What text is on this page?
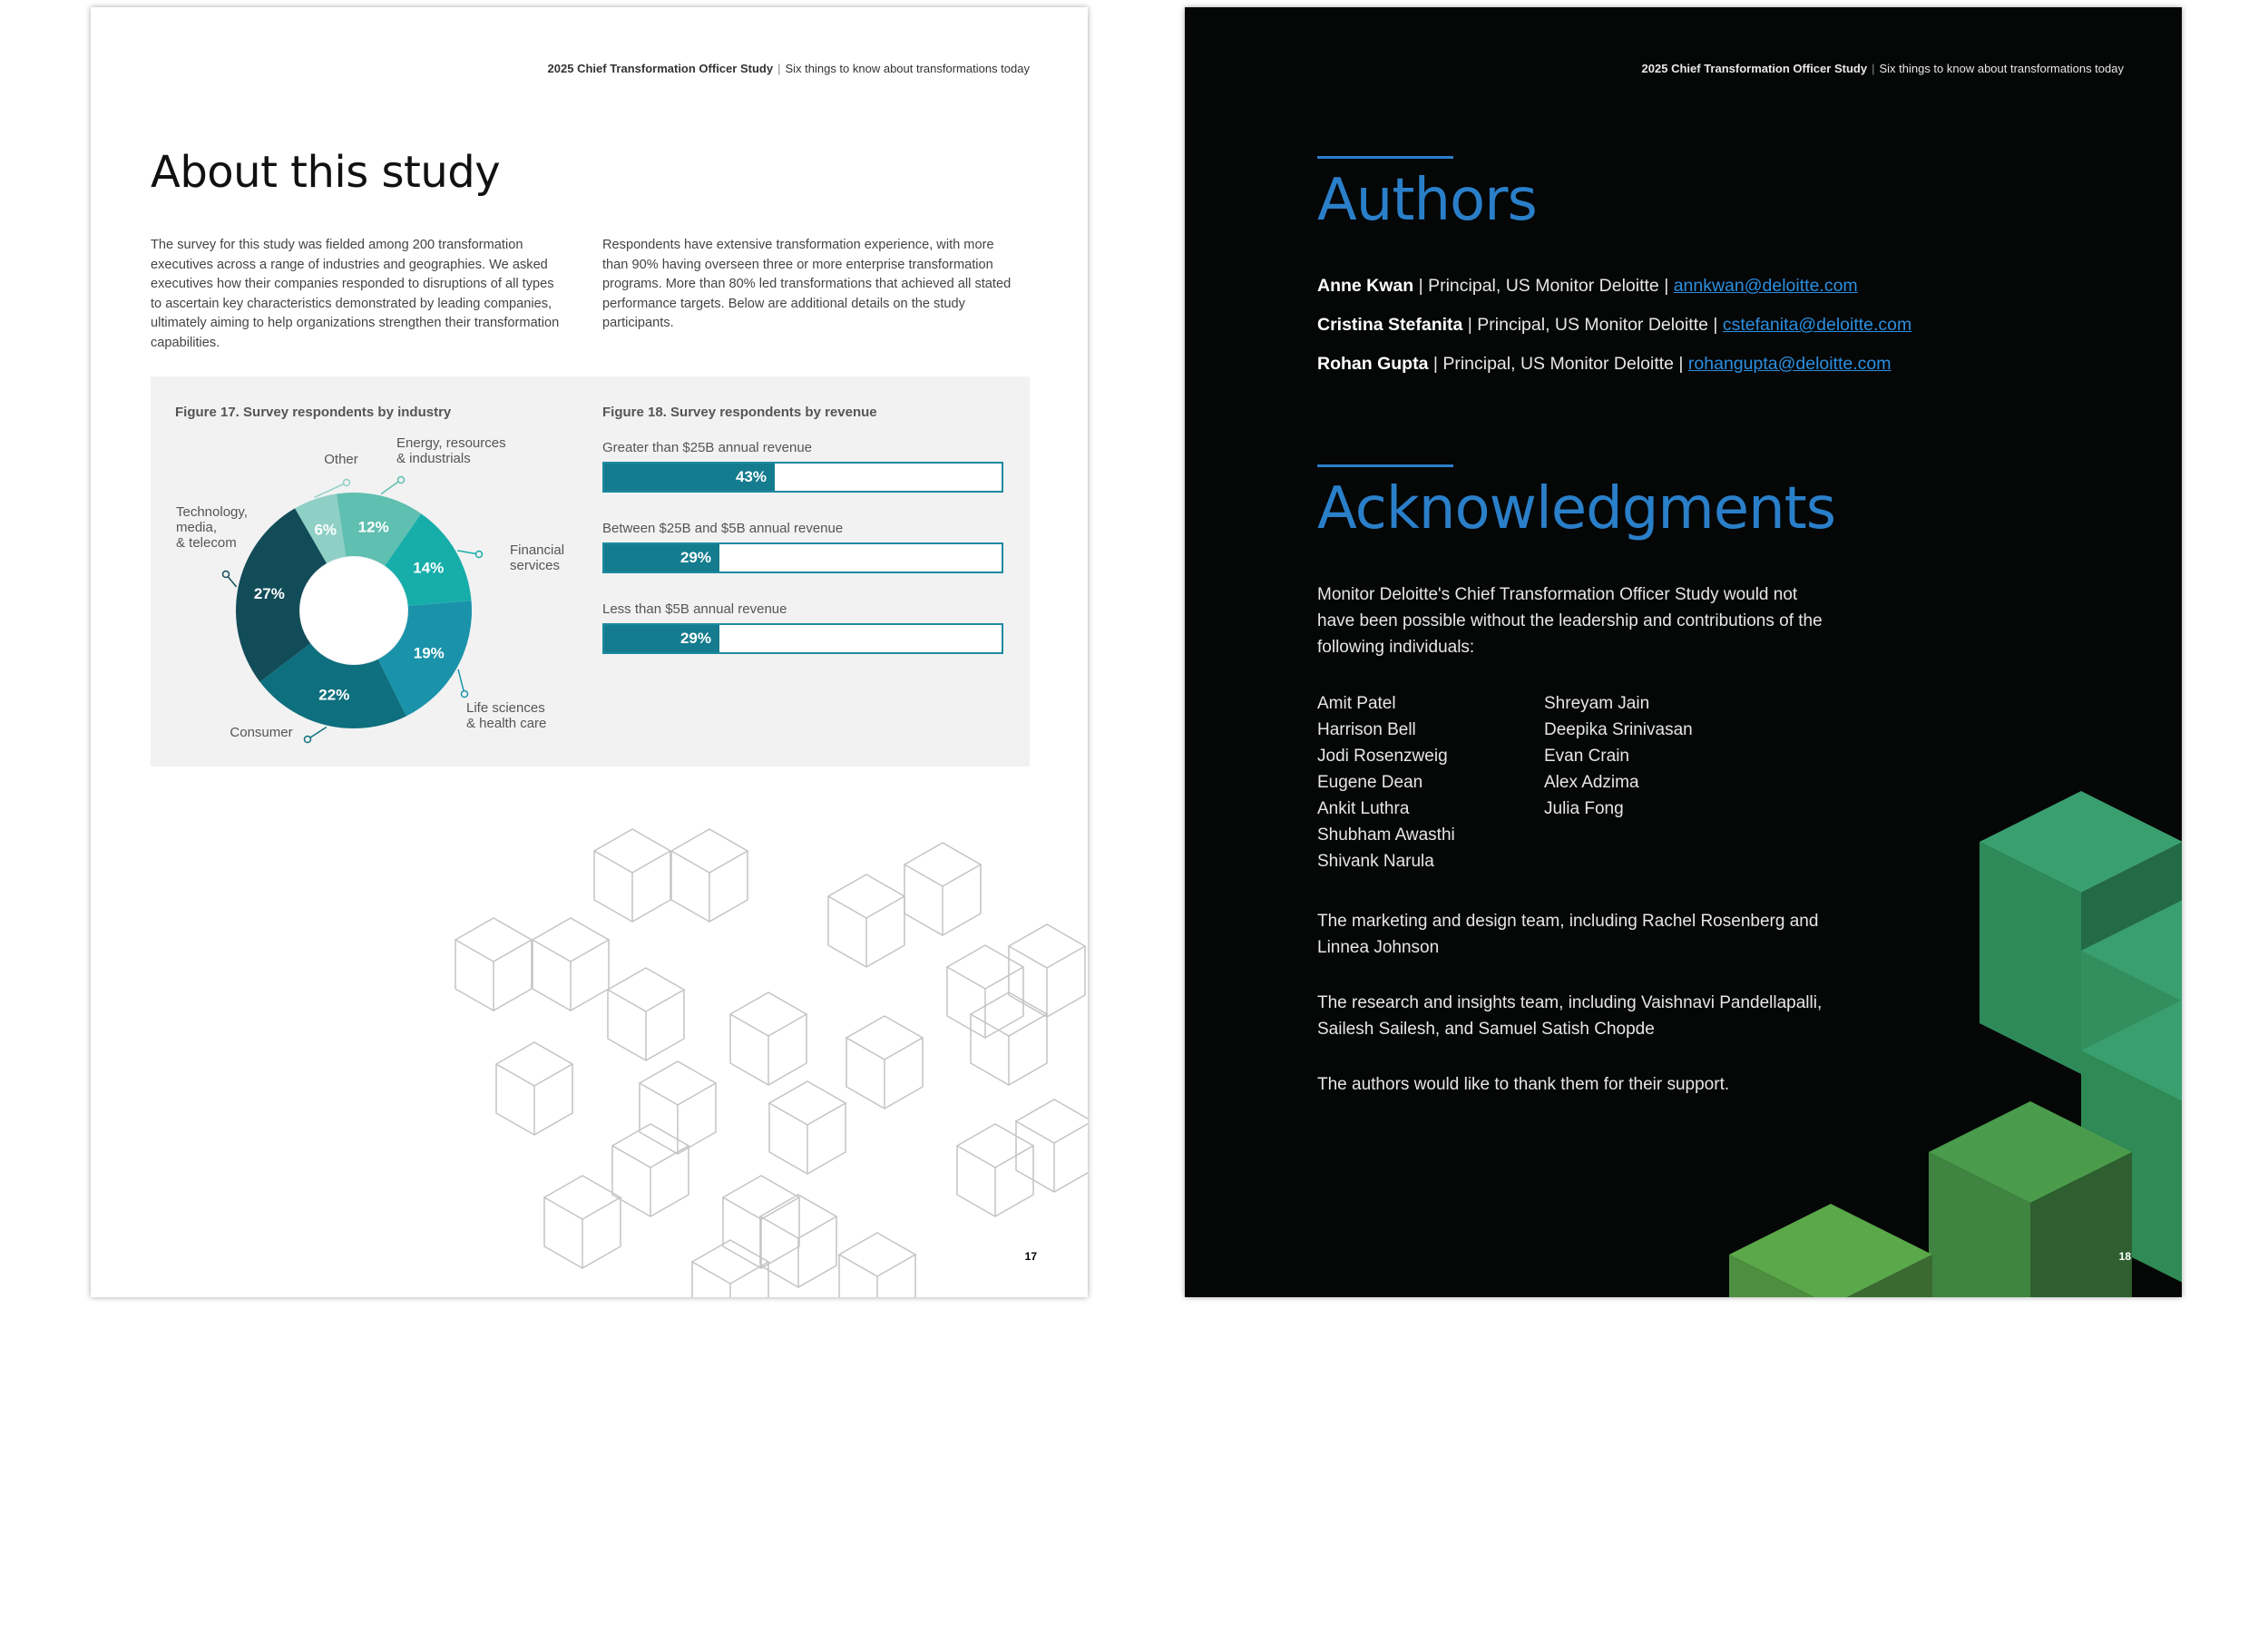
2025 Chief Transformation Officer Study | Six things to know about transformations today
About this study

The survey for this study was fielded among 200 transformation executives across a range of industries and geographies. We asked executives how their companies responded to disruptions of all types to ascertain key characteristics demonstrated by leading companies, ultimately aiming to help organizations strengthen their transformation capabilities.

Respondents have extensive transformation experience, with more than 90% having overseen three or more enterprise transformation programs. More than 80% led transformations that achieved all stated performance targets. Below are additional details on the study participants.

Figure 17. Survey respondents by industry	Figure 18. Survey respondents by revenue
6%
Other
12%
Energy, resources & industrials
14%
Financial services
19%
Life sciences & health care
22%
Consumer
27%
Technology, media, & telecom
Greater than $25B annual revenue
43%
Between $25B and $5B annual revenue
29%
Less than $5B annual revenue
29%
17
2025 Chief Transformation Officer Study | Six things to know about transformations today
Authors
Anne Kwan | Principal, US Monitor Deloitte | annkwan@deloitte.com
Cristina Stefanita | Principal, US Monitor Deloitte | cstefanita@deloitte.com
Rohan Gupta | Principal, US Monitor Deloitte | rohangupta@deloitte.com
Acknowledgments

Monitor Deloitte's Chief Transformation Officer Study would not have been possible without the leadership and contributions of the following individuals:

Amit Patel
Harrison Bell
Jodi Rosenzweig
Eugene Dean
Ankit Luthra
Shubham Awasthi
Shivank Narula
Shreyam Jain
Deepika Srinivasan
Evan Crain
Alex Adzima
Julia Fong

The marketing and design team, including Rachel Rosenberg and Linnea Johnson

The research and insights team, including Vaishnavi Pandellapalli, Sailesh Sailesh, and Samuel Satish Chopde

The authors would like to thank them for their support.

18
